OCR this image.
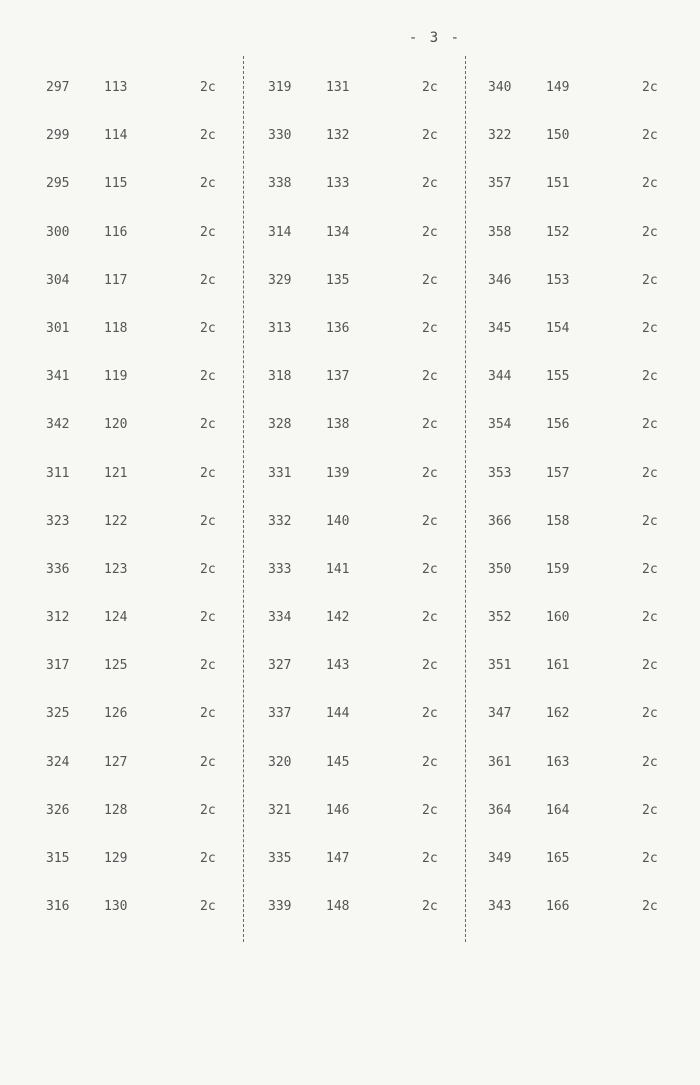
- 3 -
297	113	2c
299	114	2c
295	115	2c
300	116	2c
304	117	2c
301	118	2c
341	119	2c
342	120	2c
311	121	2c
323	122	2c
336	123	2c
312	124	2c
317	125	2c
325	126	2c
324	127	2c
326	128	2c
315	129	2c
316	130	2c
319	131	2c
330	132	2c
338	133	2c
314	134	2c
329	135	2c
313	136	2c
318	137	2c
328	138	2c
331	139	2c
332	140	2c
333	141	2c
334	142	2c
327	143	2c
337	144	2c
320	145	2c
321	146	2c
335	147	2c
339	148	2c
340	149	2c
322	150	2c
357	151	2c
358	152	2c
346	153	2c
345	154	2c
344	155	2c
354	156	2c
353	157	2c
366	158	2c
350	159	2c
352	160	2c
351	161	2c
347	162	2c
361	163	2c
364	164	2c
349	165	2c
343	166	2c
